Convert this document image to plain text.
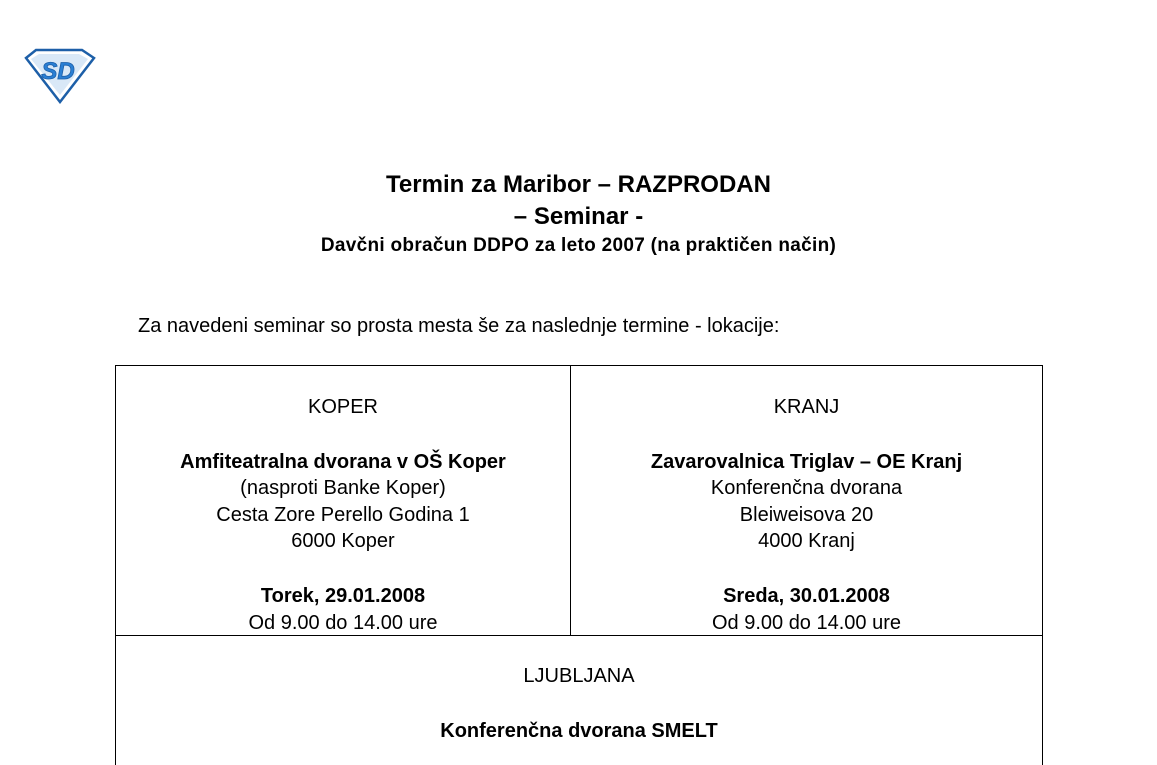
SD
Termin za Maribor – RAZPRODAN
– Seminar -
Davčni obračun DDPO za leto 2007 (na praktičen način)
Za navedeni seminar so prosta mesta še za naslednje termine - lokacije:
KOPER
Amfiteatralna dvorana v OŠ Koper
(nasproti Banke Koper)
Cesta Zore Perello Godina 1
6000 Koper
Torek, 29.01.2008
Od 9.00 do 14.00 ure
KRANJ
Zavarovalnica Triglav – OE Kranj
Konferenčna dvorana
Bleiweisova 20
4000 Kranj
Sreda, 30.01.2008
Od 9.00 do 14.00 ure
LJUBLJANA
Konferenčna dvorana SMELT
